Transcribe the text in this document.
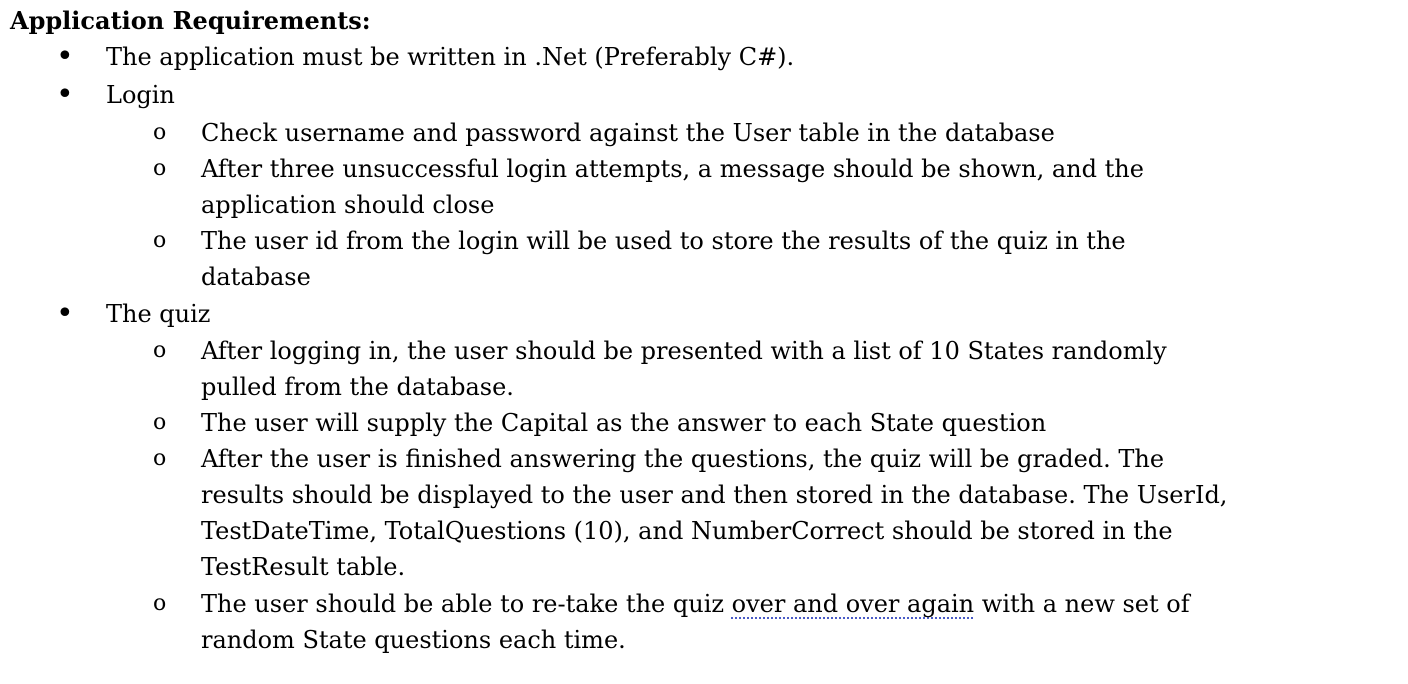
Application Requirements:
• The application must be written in .Net (Preferably C#).
• Login
o Check username and password against the User table in the database
o After three unsuccessful login attempts, a message should be shown, and the
application should close
o The user id from the login will be used to store the results of the quiz in the
database
• The quiz
o After logging in, the user should be presented with a list of 10 States randomly
pulled from the database.
o The user will supply the Capital as the answer to each State question
o After the user is finished answering the questions, the quiz will be graded. The
results should be displayed to the user and then stored in the database. The UserId,
TestDateTime, TotalQuestions (10), and NumberCorrect should be stored in the
TestResult table.
o The user should be able to re-take the quiz over and over again with a new set of
random State questions each time.
